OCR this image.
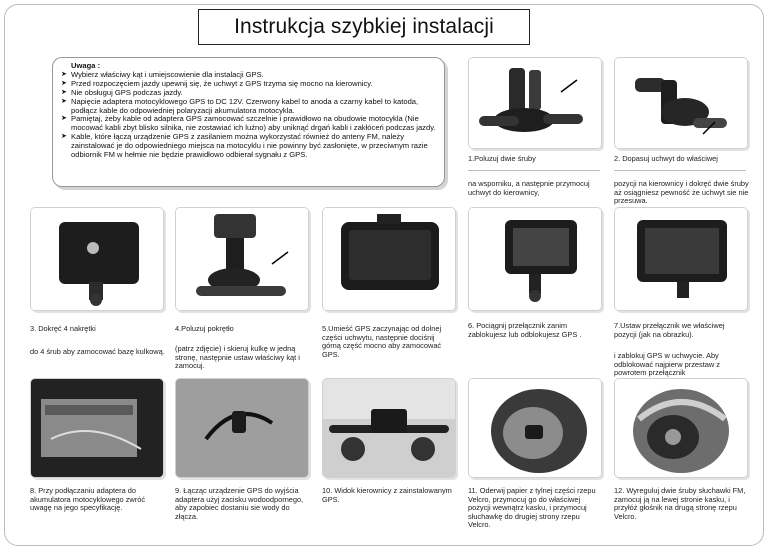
Instrukcja szybkiej instalacji
Uwaga :
➤ Wybierz właściwy kąt i umiejscowienie dla instalacji GPS.
➤ Przed rozpoczęciem jazdy upewnij się, że uchwyt z GPS trzyma się mocno na kierownicy.
➤ Nie obsługuj GPS podczas jazdy.
➤ Napięcie adaptera motocyklowego GPS to DC 12V. Czerwony kabel to anoda a czarny kabel to katoda, podłącz kable do odpowiedniej polaryzacji akumulatora motocykla.
➤ Pamiętaj, żeby kable od adaptera GPS zamocować szczelnie i prawidłowo na obudowie motocykla (Nie mocować kabli zbyt blisko silnika, nie zostawiać ich luźno) aby uniknąć drgań kabli i zakłóceń podczas jazdy.
➤ Kable, które łączą urządzenie GPS z zasilaniem można wykorzystać również do anteny FM, należy zainstalować je do odpowiedniego miejsca na motocyklu i nie powinny być zasłonięte, w przeciwnym razie odbiornik FM w hełmie nie będzie prawidłowo odbierał sygnału z GPS.	1.Poluzuj dwie śruby
na wsporniku, a następnie przymocuj uchwyt do kierownicy,
2. Dopasuj uchwyt do właściwej
pozycji na kierownicy i dokręć dwie śruby aż osiągniesz pewność że uchwyt sie nie przesuwa.
3. Dokręć 4 nakrętki
do 4 śrub aby zamocować bazę kulkową.
4.Poluzuj pokrętło
(patrz zdjęcie) i skieruj kulkę w jedną stronę, następnie ustaw właściwy kąt i zamocuj.
5.Umieść GPS zaczynając od dolnej części uchwytu, następnie dociśnij górną część mocno aby zamocować GPS.
6. Pociągnij przełącznik zanim zablokujesz lub odblokujesz GPS .
7.Ustaw przełącznik we właściwej pozycji (jak na obrazku).
i zablokuj GPS w uchwycie. Aby odblokować najpierw przestaw z powrotem przełącznik
8. Przy podłączaniu adaptera do akumulatora motocyklowego zwróć uwagę na jego specyfikację.
9. Łącząc urządzenie GPS do wyjścia adaptera użyj zacisku wodoodpornego, aby zapobiec dostaniu sie wody do złącza.
10. Widok kierownicy z zainstalowanym GPS.
11. Oderwij papier z tylnej części rzepu Velcro, przymocuj go do właściwej pozycji wewnątrz kasku, i przymocuj słuchawkę do drugiej strony rzepu Velcro.
12. Wyreguluj dwie śruby słuchawki FM, zamocuj ją na lewej stronie kasku, i przyłóż głośnik na drugą stronę rzepu Velcro.
